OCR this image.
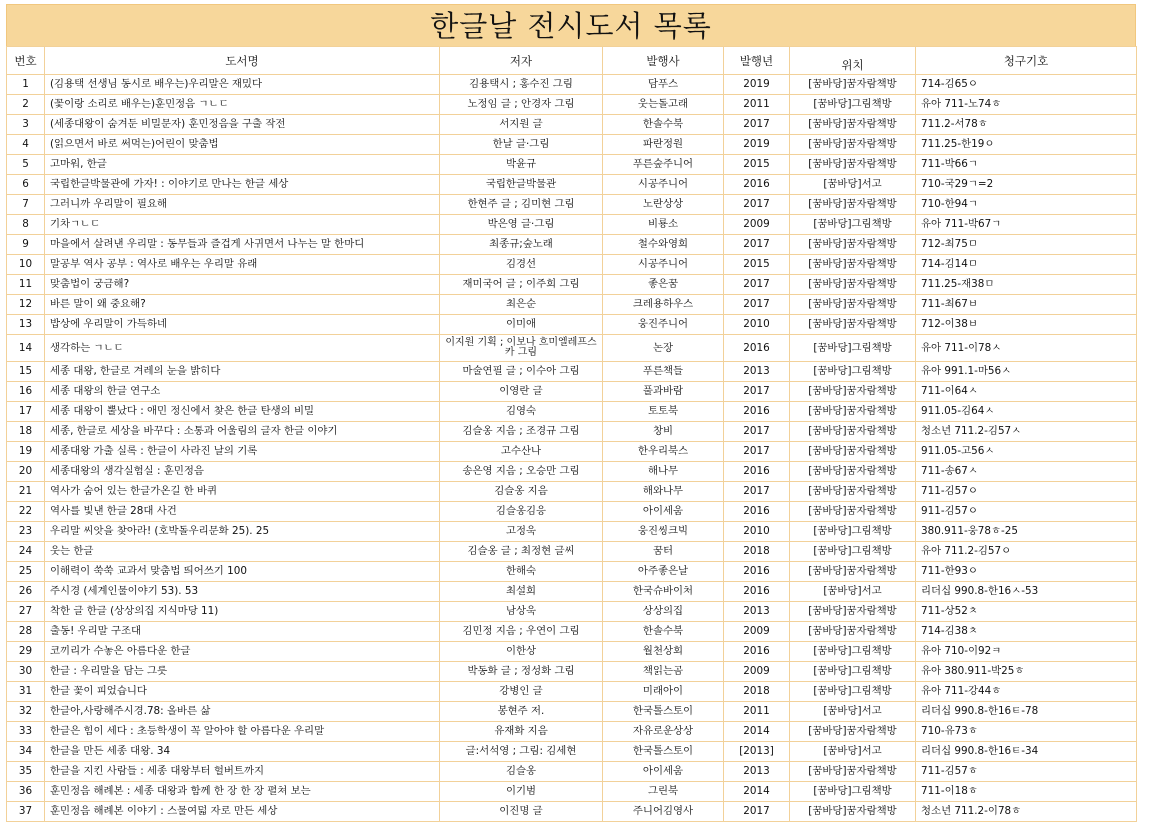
한글날 전시도서 목록
번호	도서명	저자	발행사	발행년	위치	청구기호
1	(김용택 선생님 동시로 배우는)우리말은 재밌다	김용택시 ; 홍수진 그림	담푸스	2019	[꿈바당]꿈자람책방	714-김65ㅇ
2	(꽃이랑 소리로 배우는)훈민정음 ㄱㄴㄷ	노정임 글 ; 안경자 그림	웃는돌고래	2011	[꿈바당]그림책방	유아 711-노74ㅎ
3	(세종대왕이 숨겨둔 비밀문자) 훈민정음을 구출 작전	서지원 글	한솔수북	2017	[꿈바당]꿈자람책방	711.2-서78ㅎ
4	(읽으면서 바로 써먹는)어린이 맞춤법	한날 글·그림	파란정원	2019	[꿈바당]꿈자람책방	711.25-한19ㅇ
5	고마워, 한글	박윤규	푸른숲주니어	2015	[꿈바당]꿈자람책방	711-박66ㄱ
6	국립한글박물관에 가자! : 이야기로 만나는 한글 세상	국립한글박물관	시공주니어	2016	[꿈바당]서고	710-국29ㄱ=2
7	그러니까 우리말이 필요해	한현주 글 ; 김미현 그림	노란상상	2017	[꿈바당]꿈자람책방	710-한94ㄱ
8	기차ㄱㄴㄷ	박은영 글·그림	비룡소	2009	[꿈바당]그림책방	유아 711-박67ㄱ
9	마을에서 살려낸 우리말 : 동무들과 즐겁게 사귀면서 나누는 말 한마디	최종규;숲노래	철수와영희	2017	[꿈바당]꿈자람책방	712-최75ㅁ
10	말공부 역사 공부 : 역사로 배우는 우리말 유래	김경선	시공주니어	2015	[꿈바당]꿈자람책방	714-김14ㅁ
11	맞춤법이 궁금해?	재미국어 글 ; 이주희 그림	좋은꿈	2017	[꿈바당]꿈자람책방	711.25-재38ㅁ
12	바른 말이 왜 중요해?	최은순	크레용하우스	2017	[꿈바당]꿈자람책방	711-최67ㅂ
13	밥상에 우리말이 가득하네	이미애	웅진주니어	2010	[꿈바당]꿈자람책방	712-이38ㅂ
14	생각하는 ㄱㄴㄷ	이지원 기획 ; 이보나 흐미엘레프스카 그림	논장	2016	[꿈바당]그림책방	유아 711-이78ㅅ
15	세종 대왕, 한글로 겨레의 눈을 밝히다	마술연필 글 ; 이수아 그림	푸른책들	2013	[꿈바당]그림책방	유아 991.1-마56ㅅ
16	세종 대왕의 한글 연구소	이영란 글	풀과바람	2017	[꿈바당]꿈자람책방	711-이64ㅅ
17	세종 대왕이 뿔났다 : 애민 정신에서 찾은 한글 탄생의 비밀	김영숙	토토북	2016	[꿈바당]꿈자람책방	911.05-김64ㅅ
18	세종, 한글로 세상을 바꾸다 : 소통과 어울림의 글자 한글 이야기	김슬옹 지음 ; 조경규 그림	창비	2017	[꿈바당]꿈자람책방	청소년 711.2-김57ㅅ
19	세종대왕 가출 실록 : 한글이 사라진 날의 기록	고수산나	한우리북스	2017	[꿈바당]꿈자람책방	911.05-고56ㅅ
20	세종대왕의 생각실험실 : 훈민정음	송은영 지음 ; 오승만 그림	해나무	2016	[꿈바당]꿈자람책방	711-송67ㅅ
21	역사가 숨어 있는 한글가온길 한 바퀴	김슬옹 지음	해와나무	2017	[꿈바당]꿈자람책방	711-김57ㅇ
22	역사를 빛낸 한글 28대 사건	김슬옹김응	아이세움	2016	[꿈바당]꿈자람책방	911-김57ㅇ
23	우리말 씨앗을 찾아라! (호박돌우리문화 25). 25	고정욱	웅진씽크빅	2010	[꿈바당]그림책방	380.911-웅78ㅎ-25
24	웃는 한글	김슬옹 글 ; 최정현 글씨	꿈터	2018	[꿈바당]그림책방	유아 711.2-김57ㅇ
25	이해력이 쑥쑥 교과서 맞춤법 띄어쓰기 100	한해숙	아주좋은날	2016	[꿈바당]꿈자람책방	711-한93ㅇ
26	주시경 (세계인물이야기 53). 53	최설희	한국슈바이처	2016	[꿈바당]서고	리더십 990.8-한16ㅅ-53
27	착한 글 한글 (상상의집 지식마당 11)	남상욱	상상의집	2013	[꿈바당]꿈자람책방	711-상52ㅊ
28	출동! 우리말 구조대	김민정 지음 ; 우연이 그림	한솔수북	2009	[꿈바당]꿈자람책방	714-김38ㅊ
29	코끼리가 수놓은 아름다운 한글	이한상	월천상회	2016	[꿈바당]그림책방	유아 710-이92ㅋ
30	한글 : 우리말을 담는 그릇	박동화 글 ; 정성화 그림	책읽는곰	2009	[꿈바당]그림책방	유아 380.911-박25ㅎ
31	한글 꽃이 피었습니다	강병인 글	미래아이	2018	[꿈바당]그림책방	유아 711-강44ㅎ
32	한글아,사랑해주시경.78: 올바른 삶	봉현주 저.	한국톨스토이	2011	[꿈바당]서고	리더십 990.8-한16ㅌ-78
33	한글은 힘이 세다 : 초등학생이 꼭 알아야 할 아름다운 우리말	유재화 지음	자유로운상상	2014	[꿈바당]꿈자람책방	710-유73ㅎ
34	한글을 만든 세종 대왕. 34	글:서석영 ; 그림: 김세현	한국톨스토이	[2013]	[꿈바당]서고	리더십 990.8-한16ㅌ-34
35	한글을 지킨 사람들 : 세종 대왕부터 헐버트까지	김슬옹	아이세움	2013	[꿈바당]꿈자람책방	711-김57ㅎ
36	훈민정음 해례본 : 세종 대왕과 함께 한 장 한 장 펼쳐 보는	이기범	그린북	2014	[꿈바당]그림책방	711-이18ㅎ
37	훈민정음 해례본 이야기 : 스물여덟 자로 만든 세상	이진명 글	주니어김영사	2017	[꿈바당]꿈자람책방	청소년 711.2-이78ㅎ
